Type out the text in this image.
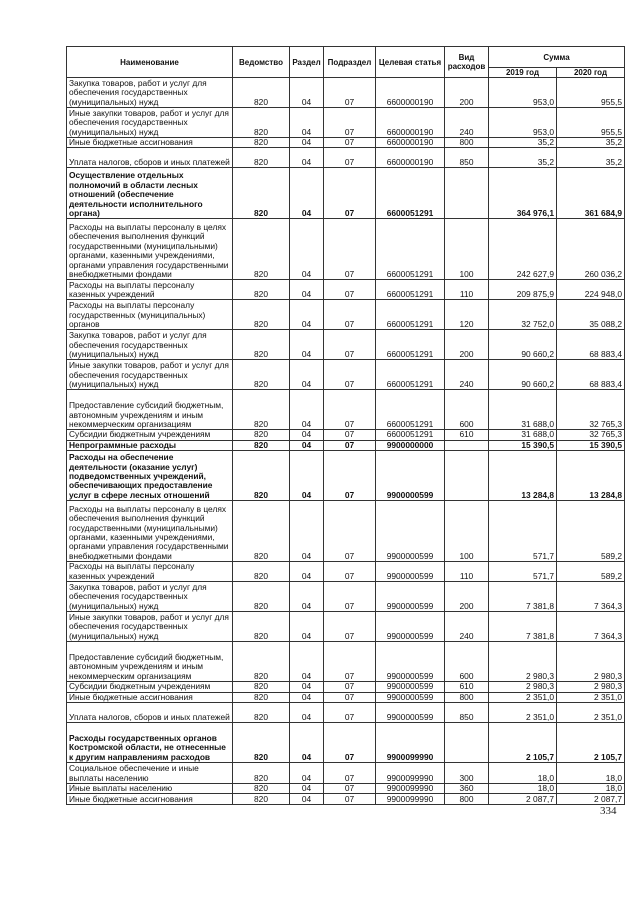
Наименование	Ведомство	Раздел	Подраздел	Целевая статья	Вид расходов	Сумма	
						2019 год	2020 год
Закупка товаров, работ и услуг для обеспечения государственных (муниципальных) нужд	820	04	07	6600000190	200	953,0	955,5
Иные закупки товаров, работ и услуг для обеспечения государственных (муниципальных) нужд	820	04	07	6600000190	240	953,0	955,5
Иные бюджетные ассигнования	820	04	07	6600000190	800	35,2	35,2
Уплата налогов, сборов и иных платежей	820	04	07	6600000190	850	35,2	35,2
Осуществление отдельных полномочий в области лесных отношений (обеспечение деятельности исполнительного органа)	820	04	07	6600051291		364 976,1	361 684,9
Расходы на выплаты персоналу в целях обеспечения выполнения функций государственными (муниципальными) органами, казенными учреждениями, органами управления государственными внебюджетными фондами	820	04	07	6600051291	100	242 627,9	260 036,2
Расходы на выплаты персоналу казенных учреждений	820	04	07	6600051291	110	209 875,9	224 948,0
Расходы на выплаты персоналу государственных (муниципальных) органов	820	04	07	6600051291	120	32 752,0	35 088,2
Закупка товаров, работ и услуг для обеспечения государственных (муниципальных) нужд	820	04	07	6600051291	200	90 660,2	68 883,4
Иные закупки товаров, работ и услуг для обеспечения государственных (муниципальных) нужд	820	04	07	6600051291	240	90 660,2	68 883,4
Предоставление субсидий бюджетным, автономным учреждениям и иным некоммерческим организациям	820	04	07	6600051291	600	31 688,0	32 765,3
Субсидии бюджетным учреждениям	820	04	07	6600051291	610	31 688,0	32 765,3
Непрограммные расходы	820	04	07	9900000000		15 390,5	15 390,5
Расходы на обеспечение деятельности (оказание услуг) подведомственных учреждений, обеспечивающих предоставление услуг в сфере лесных отношений	820	04	07	9900000599		13 284,8	13 284,8
Расходы на выплаты персоналу в целях обеспечения выполнения функций государственными (муниципальными) органами, казенными учреждениями, органами управления государственными внебюджетными фондами	820	04	07	9900000599	100	571,7	589,2
Расходы на выплаты персоналу казенных учреждений	820	04	07	9900000599	110	571,7	589,2
Закупка товаров, работ и услуг для обеспечения государственных (муниципальных) нужд	820	04	07	9900000599	200	7 381,8	7 364,3
Иные закупки товаров, работ и услуг для обеспечения государственных (муниципальных) нужд	820	04	07	9900000599	240	7 381,8	7 364,3
Предоставление субсидий бюджетным, автономным учреждениям и иным некоммерческим организациям	820	04	07	9900000599	600	2 980,3	2 980,3
Субсидии бюджетным учреждениям	820	04	07	9900000599	610	2 980,3	2 980,3
Иные бюджетные ассигнования	820	04	07	9900000599	800	2 351,0	2 351,0
Уплата налогов, сборов и иных платежей	820	04	07	9900000599	850	2 351,0	2 351,0
Расходы государственных органов Костромской области, не отнесенные к другим направлениям расходов	820	04	07	9900099990		2 105,7	2 105,7
Социальное обеспечение и иные выплаты населению	820	04	07	9900099990	300	18,0	18,0
Иные выплаты населению	820	04	07	9900099990	360	18,0	18,0
Иные бюджетные ассигнования	820	04	07	9900099990	800	2 087,7	2 087,7
334
